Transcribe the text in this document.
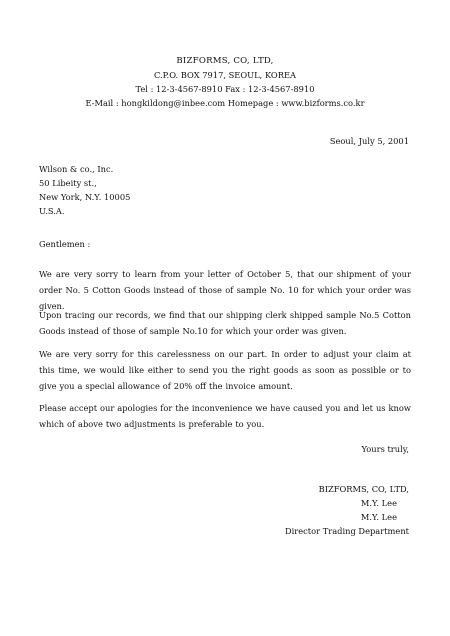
BIZFORMS, CO, LTD,
C.P.O. BOX 7917, SEOUL, KOREA
Tel : 12-3-4567-8910 Fax : 12-3-4567-8910
E-Mail : hongkildong@inbee.com Homepage : www.bizforms.co.kr
Seoul, July 5, 2001
Wilson & co., Inc.
50 Libeity st.,
New York, N.Y. 10005
U.S.A.
Gentlemen :
We are very sorry to learn from your letter of October 5, that our shipment of your order No. 5 Cotton Goods instead of those of sample No. 10 for which your order was given.
Upon tracing our records, we find that our shipping clerk shipped sample No.5 Cotton Goods instead of those of sample No.10 for which your order was given.
We are very sorry for this carelessness on our part. In order to adjust your claim at this time, we would like either to send you the right goods as soon as possible or to give you a special allowance of 20% off the invoice amount.
Please accept our apologies for the inconvenience we have caused you and let us know which of above two adjustments is preferable to you.
Yours truly,
BIZFORMS, CO, LTD,
M.Y. Lee
M.Y. Lee
Director Trading Department
